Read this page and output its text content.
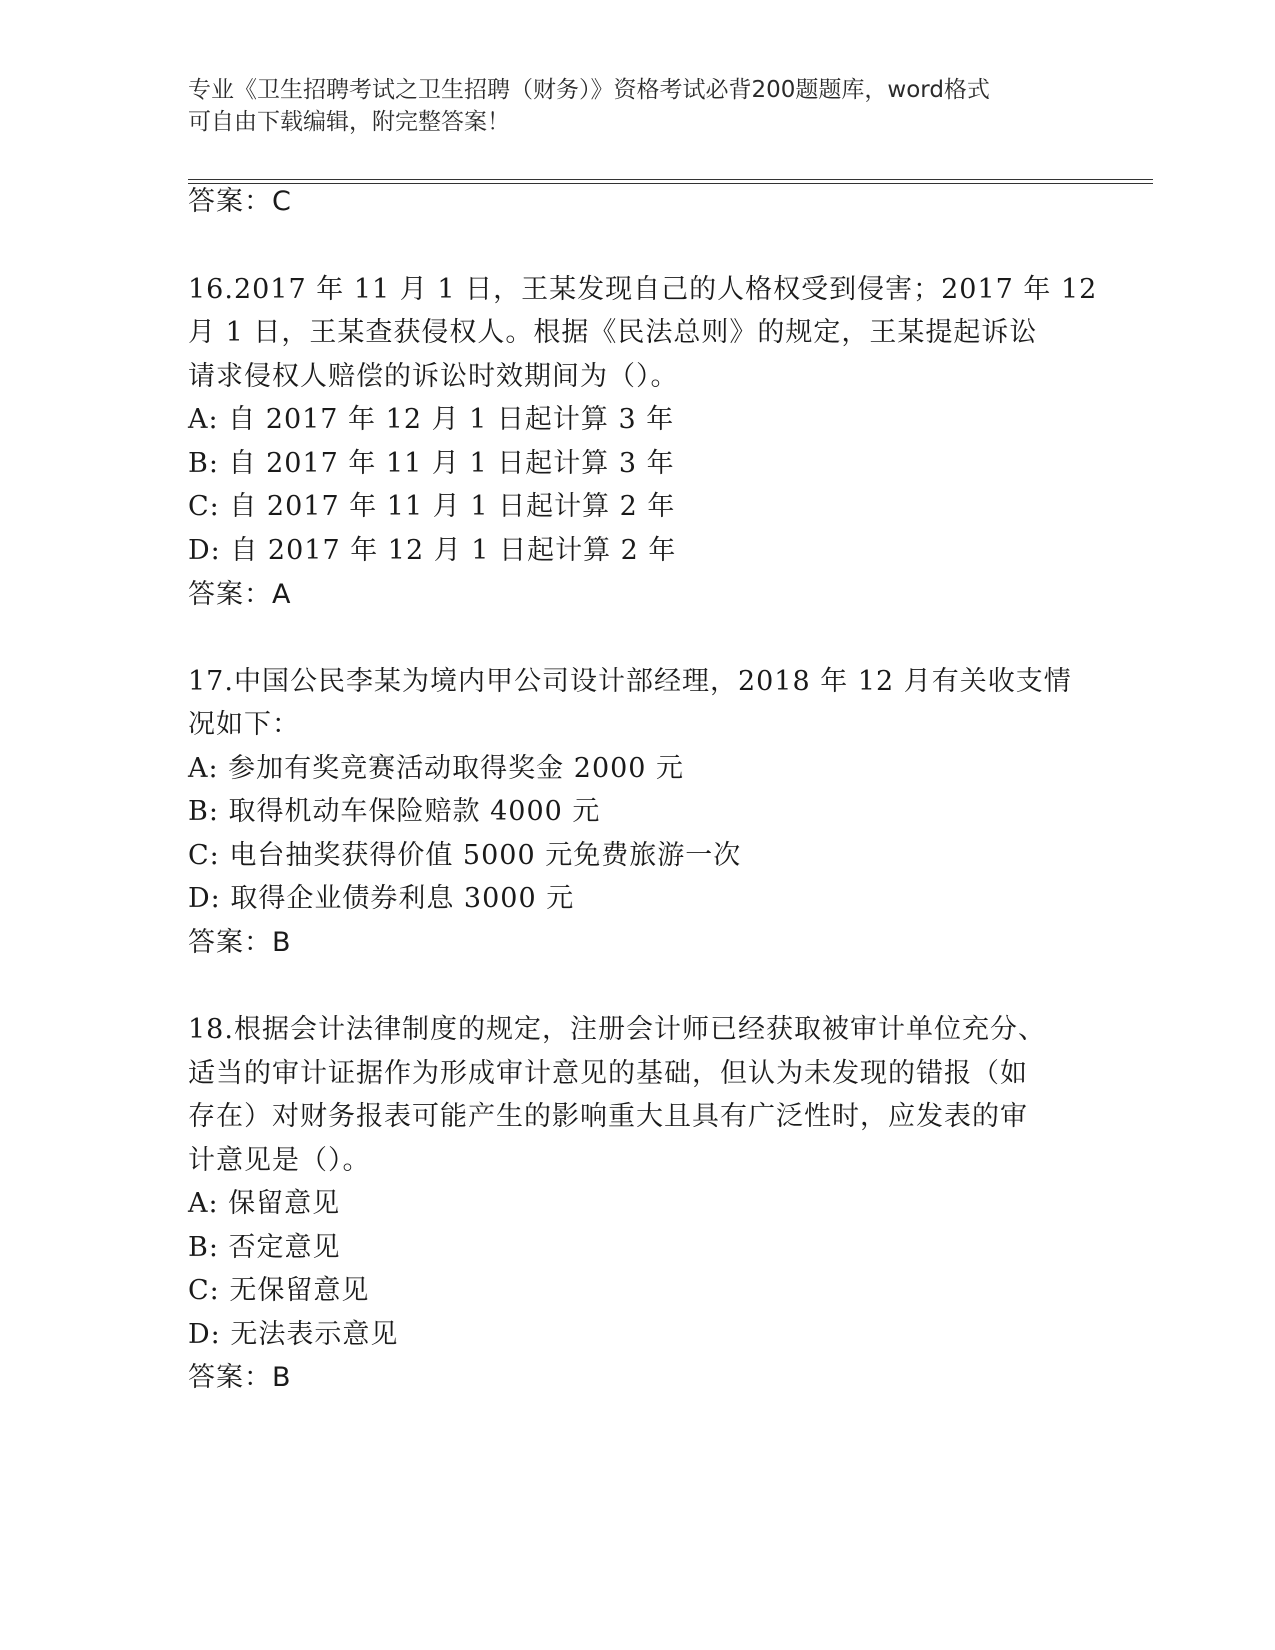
专业《卫生招聘考试之卫生招聘（财务）》资格考试必背200题题库，word格式
可自由下载编辑，附完整答案！
答案：C
16.2017 年 11 月 1 日，王某发现自己的人格权受到侵害；2017 年 12
月 1 日，王某查获侵权人。根据《民法总则》的规定，王某提起诉讼
请求侵权人赔偿的诉讼时效期间为（）。
A: 自 2017 年 12 月 1 日起计算 3 年
B: 自 2017 年 11 月 1 日起计算 3 年
C: 自 2017 年 11 月 1 日起计算 2 年
D: 自 2017 年 12 月 1 日起计算 2 年
答案：A
17.中国公民李某为境内甲公司设计部经理，2018 年 12 月有关收支情
况如下：
A: 参加有奖竞赛活动取得奖金 2000 元
B: 取得机动车保险赔款 4000 元
C: 电台抽奖获得价值 5000 元免费旅游一次
D: 取得企业债券利息 3000 元
答案：B
18.根据会计法律制度的规定，注册会计师已经获取被审计单位充分、
适当的审计证据作为形成审计意见的基础，但认为未发现的错报（如
存在）对财务报表可能产生的影响重大且具有广泛性时，应发表的审
计意见是（）。
A: 保留意见
B: 否定意见
C: 无保留意见
D: 无法表示意见
答案：B
